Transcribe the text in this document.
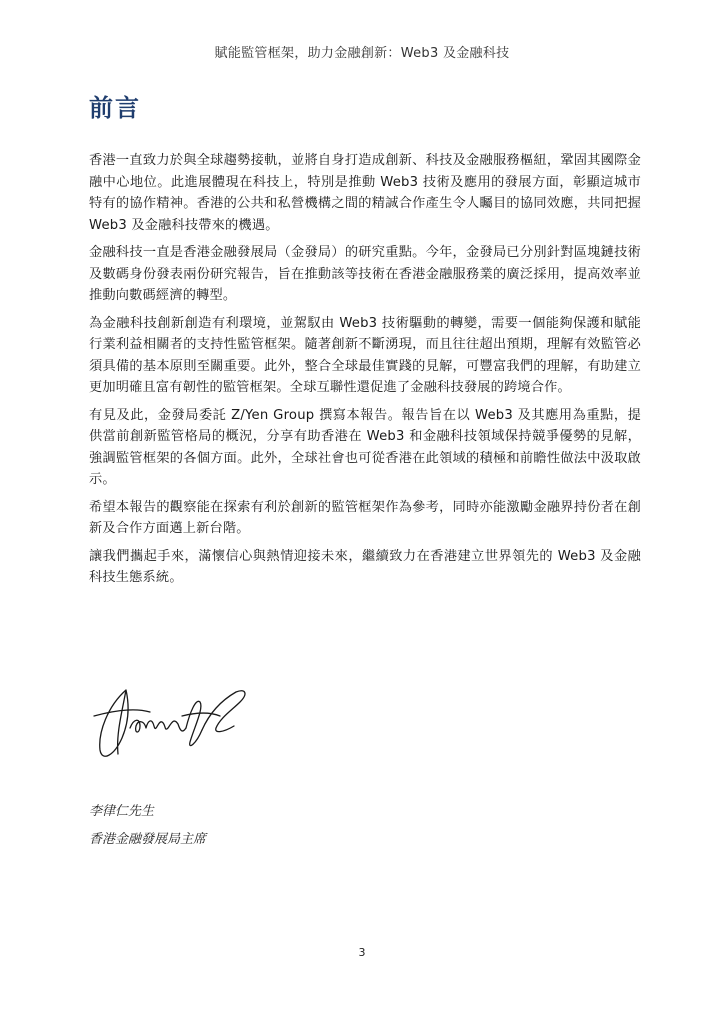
賦能監管框架，助力金融創新：Web3 及金融科技
前言

香港一直致力於與全球趨勢接軌，並將自身打造成創新、科技及金融服務樞紐，鞏固其國際金融中心地位。此進展體現在科技上，特別是推動 Web3 技術及應用的發展方面，彰顯這城市特有的協作精神。香港的公共和私營機構之間的精誠合作產生令人矚目的協同效應，共同把握 Web3 及金融科技帶來的機遇。

金融科技一直是香港金融發展局（金發局）的研究重點。今年，金發局已分別針對區塊鏈技術及數碼身份發表兩份研究報告，旨在推動該等技術在香港金融服務業的廣泛採用，提高效率並推動向數碼經濟的轉型。

為金融科技創新創造有利環境，並駕馭由 Web3 技術驅動的轉變，需要一個能夠保護和賦能行業利益相關者的支持性監管框架。隨著創新不斷湧現，而且往往超出預期，理解有效監管必須具備的基本原則至關重要。此外，整合全球最佳實踐的見解，可豐富我們的理解，有助建立更加明確且富有韌性的監管框架。全球互聯性還促進了金融科技發展的跨境合作。

有見及此，金發局委託 Z/Yen Group 撰寫本報告。報告旨在以 Web3 及其應用為重點，提供當前創新監管格局的概況，分享有助香港在 Web3 和金融科技領域保持競爭優勢的見解，強調監管框架的各個方面。此外，全球社會也可從香港在此領域的積極和前瞻性做法中汲取啟示。

希望本報告的觀察能在探索有利於創新的監管框架作為參考，同時亦能激勵金融界持份者在創新及合作方面邁上新台階。

讓我們攜起手來，滿懷信心與熱情迎接未來，繼續致力在香港建立世界領先的 Web3 及金融科技生態系統。

李律仁先生
香港金融發展局主席
3
